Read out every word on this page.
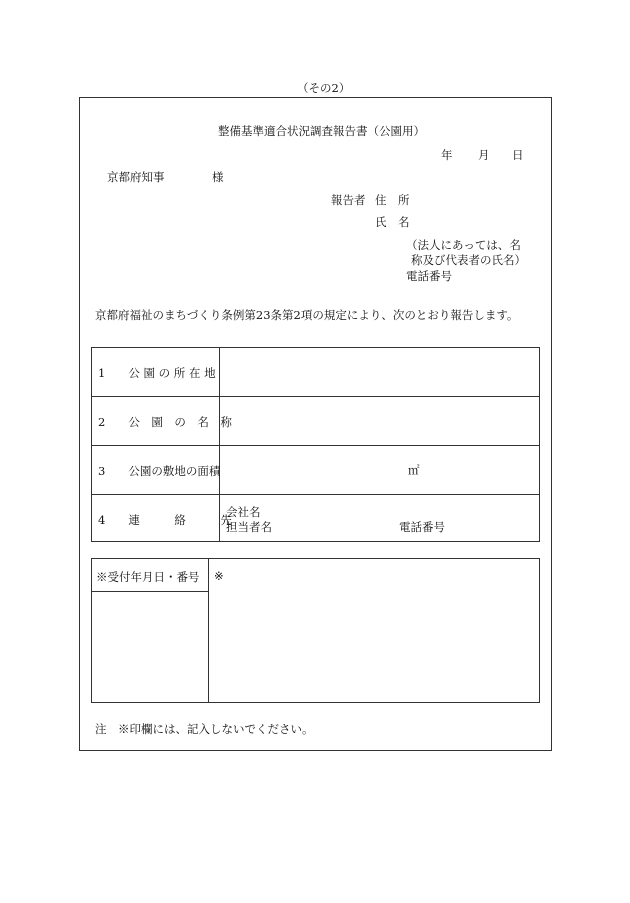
（その2）
整備基準適合状況調査報告書（公園用）
年 月 日
京都府知事	様
報告者 住　所
氏　名
（法人にあっては、名
称及び代表者の氏名）
電話番号
京都府福祉のまちづくり条例第23条第2項の規定により、次のとおり報告します。
1　　公 園 の 所 在 地
2　　公　園　の　名　称
3　　公園の敷地の面積	㎡
4　　連　　　絡　　　先
会社名
担当者名	電話番号
※受付年月日・番号 ※
注　※印欄には、記入しないでください。
